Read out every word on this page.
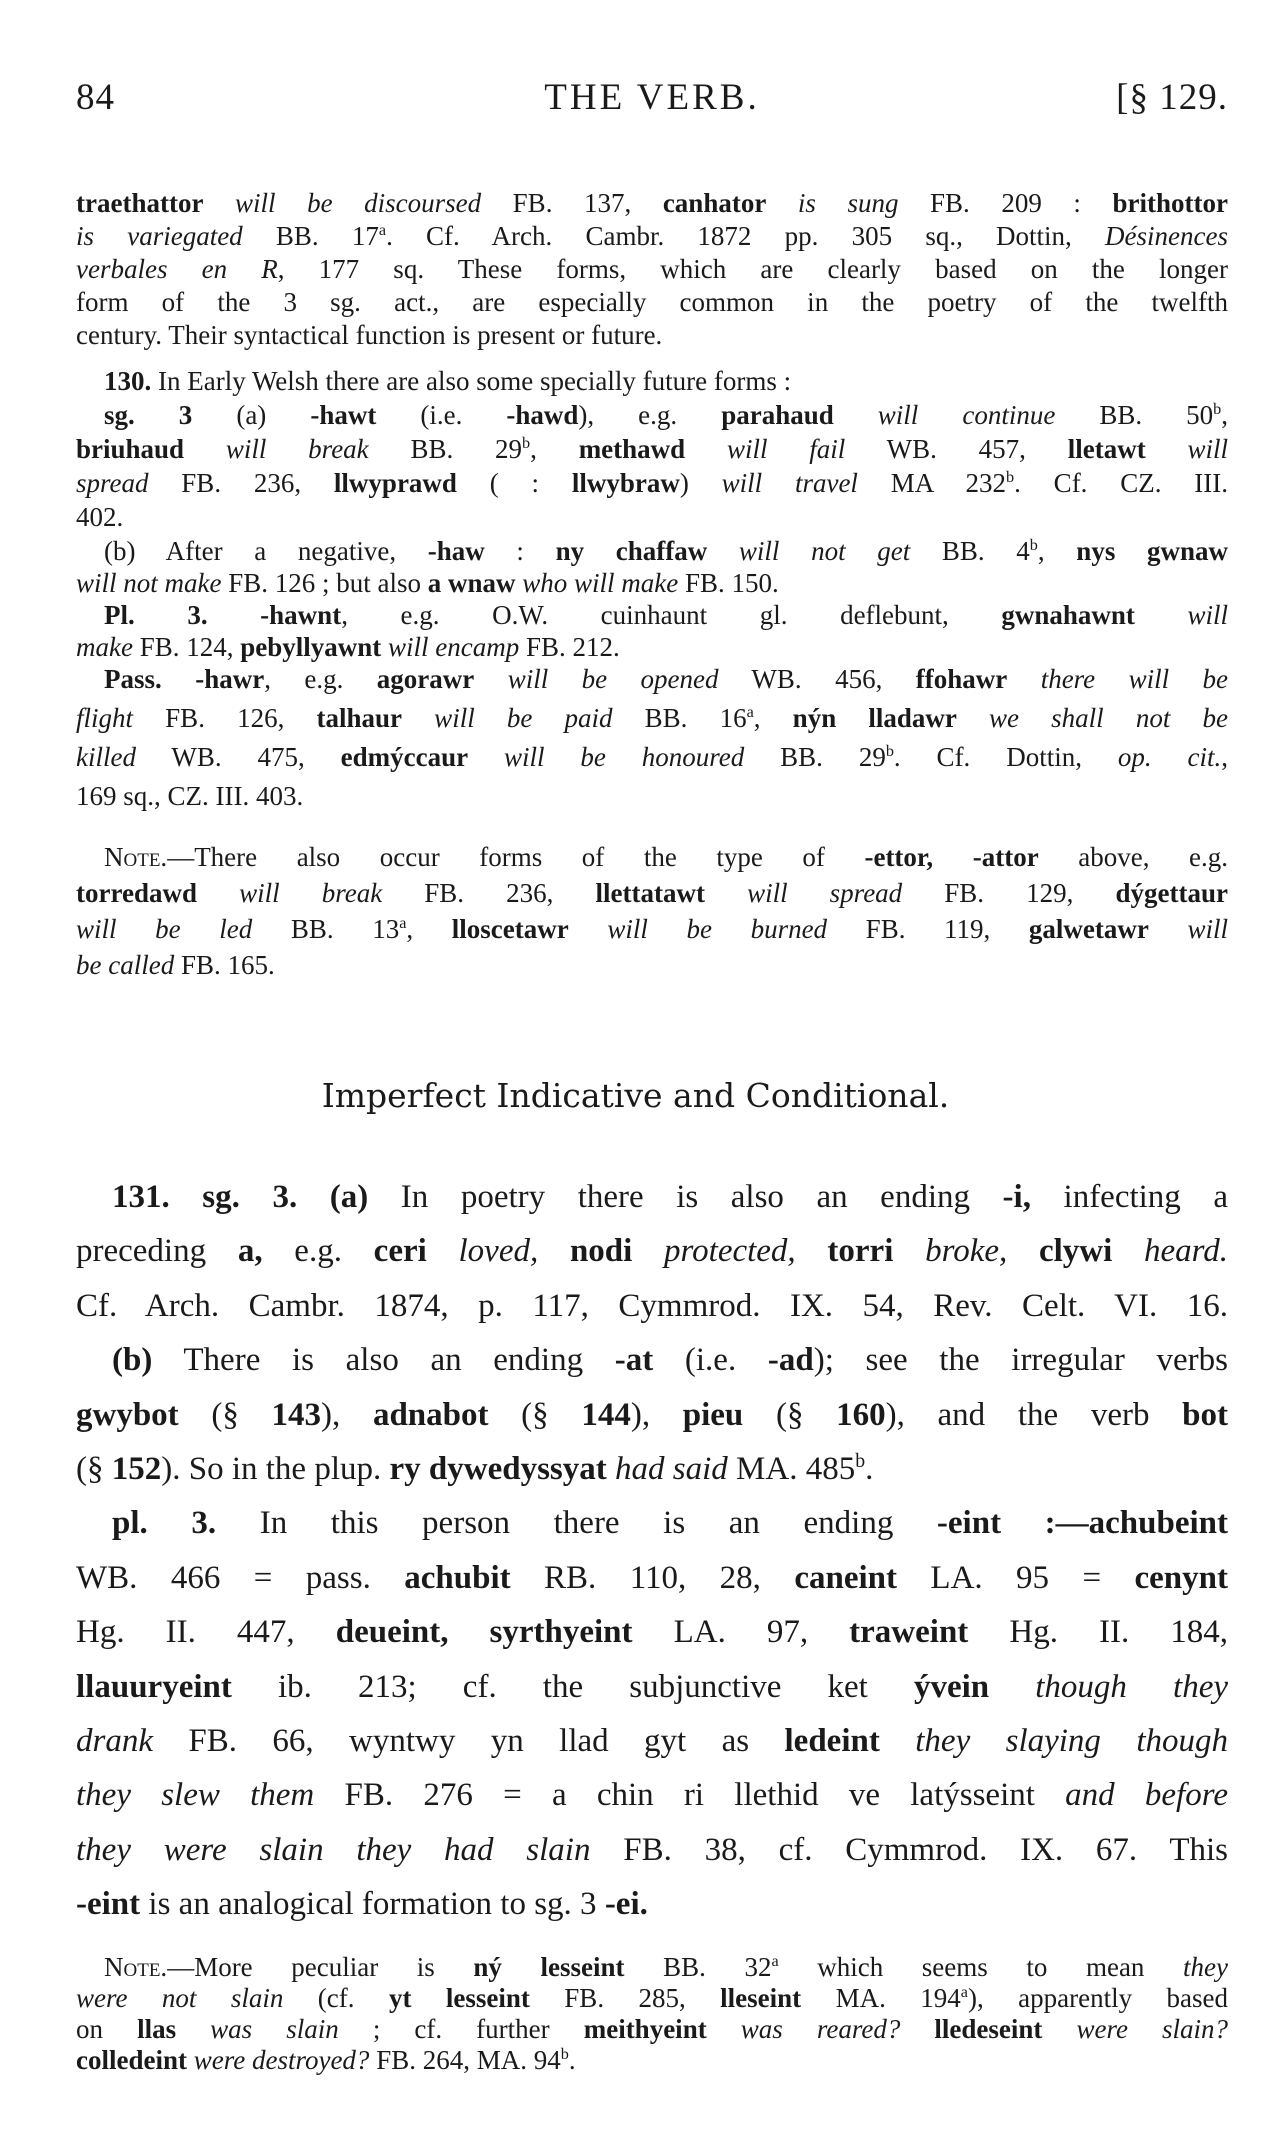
84	THE VERB.	[§ 129.
traethattor will be discoursed FB. 137, canhator is sung FB. 209 : brithottor
is variegated BB. 17$^a$. Cf. Arch. Cambr. 1872 pp. 305 sq., Dottin, Désinences
verbales en R, 177 sq. These forms, which are clearly based on the longer
form of the 3 sg. act., are especially common in the poetry of the twelfth
century. Their syntactical function is present or future.
130. In Early Welsh there are also some specially future forms :
sg. 3 (a) -hawt (i.e. -hawd), e.g. parahaud will continue BB. 50$^b$,
briuhaud will break BB. 29$^b$, methawd will fail WB. 457, lletawt will
spread FB. 236, llwyprawd ( : llwybraw) will travel MA 232$^b$. Cf. CZ. III.
402.
(b) After a negative, -haw : ny chaffaw will not get BB. 4$^b$, nys gwnaw
will not make FB. 126 ; but also a wnaw who will make FB. 150.
Pl. 3. -hawnt, e.g. O.W. cuinhaunt gl. deflebunt, gwnahawnt will
make FB. 124, pebyllyawnt will encamp FB. 212.
Pass. -hawr, e.g. agorawr will be opened WB. 456, ffohawr there will be
flight FB. 126, talhaur will be paid BB. 16$^a$, nýn lladawr we shall not be
killed WB. 475, edmýccaur will be honoured BB. 29$^b$. Cf. Dottin, op. cit.,
169 sq., CZ. III. 403.
Note.—There also occur forms of the type of -ettor, -attor above, e.g.
torredawd will break FB. 236, llettatawt will spread FB. 129, dýgettaur
will be led BB. 13$^a$, lloscetawr will be burned FB. 119, galwetawr will
be called FB. 165.
Imperfect Indicative and Conditional.
131. sg. 3. (a) In poetry there is also an ending -i, infecting a
preceding a, e.g. ceri loved, nodi protected, torri broke, clywi heard.
Cf. Arch. Cambr. 1874, p. 117, Cymmrod. IX. 54, Rev. Celt. VI. 16.
(b) There is also an ending -at (i.e. -ad); see the irregular verbs
gwybot (§ 143), adnabot (§ 144), pieu (§ 160), and the verb bot
(§ 152). So in the plup. ry dywedyssyat had said MA. 485$^b$.
pl. 3. In this person there is an ending -eint :—achubeint
WB. 466 = pass. achubit RB. 110, 28, caneint LA. 95 = cenynt
Hg. II. 447, deueint, syrthyeint LA. 97, traweint Hg. II. 184,
llauuryeint ib. 213; cf. the subjunctive ket ývein though they
drank FB. 66, wyntwy yn llad gyt as ledeint they slaying though
they slew them FB. 276 = a chin ri llethid ve latýsseint and before
they were slain they had slain FB. 38, cf. Cymmrod. IX. 67. This
-eint is an analogical formation to sg. 3 -ei.
Note.—More peculiar is ný lesseint BB. 32$^a$ which seems to mean they
were not slain (cf. yt lesseint FB. 285, lleseint MA. 194$^a$), apparently based
on llas was slain ; cf. further meithyeint was reared? lledeseint were slain?
colledeint were destroyed? FB. 264, MA. 94$^b$.
